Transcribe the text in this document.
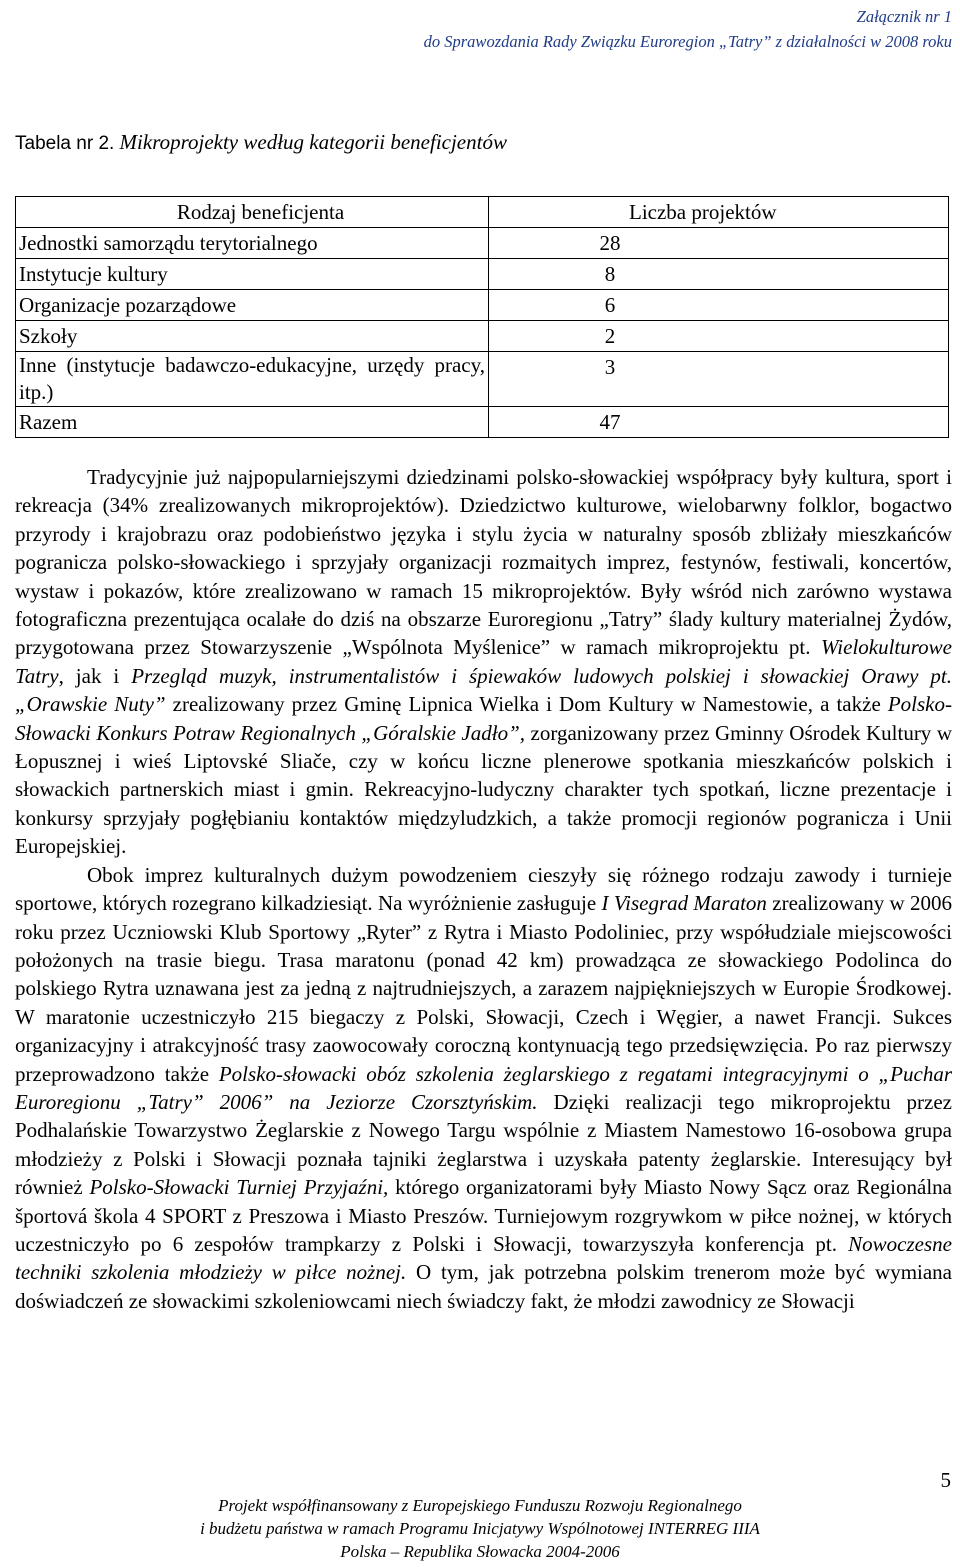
Załącznik nr 1
do Sprawozdania Rady Związku Euroregion „Tatry” z działalności w 2008 roku
Tabela nr 2. Mikroprojekty według kategorii beneficjentów
Rodzaj beneficjenta	Liczba projektów
Jednostki samorządu terytorialnego	28
Instytucje kultury	8
Organizacje pozarządowe	6
Szkoły	2
Inne (instytucje badawczo-edukacyjne, urzędy pracy, itp.)	3
Razem	47

Tradycyjnie już najpopularniejszymi dziedzinami polsko-słowackiej współpracy były kultura, sport i rekreacja (34% zrealizowanych mikroprojektów). Dziedzictwo kulturowe, wielobarwny folklor, bogactwo przyrody i krajobrazu oraz podobieństwo języka i stylu życia w naturalny sposób zbliżały mieszkańców pogranicza polsko-słowackiego i sprzyjały organizacji rozmaitych imprez, festynów, festiwali, koncertów, wystaw i pokazów, które zrealizowano w ramach 15 mikroprojektów. Były wśród nich zarówno wystawa fotograficzna prezentująca ocalałe do dziś na obszarze Euroregionu „Tatry” ślady kultury materialnej Żydów, przygotowana przez Stowarzyszenie „Wspólnota Myślenice” w ramach mikroprojektu pt. Wielokulturowe Tatry, jak i Przegląd muzyk, instrumentalistów i śpiewaków ludowych polskiej i słowackiej Orawy pt. „Orawskie Nuty” zrealizowany przez Gminę Lipnica Wielka i Dom Kultury w Namestowie, a także Polsko-Słowacki Konkurs Potraw Regionalnych „Góralskie Jadło”, zorganizowany przez Gminny Ośrodek Kultury w Łopusznej i wieś Liptovské Sliače, czy w końcu liczne plenerowe spotkania mieszkańców polskich i słowackich partnerskich miast i gmin. Rekreacyjno-ludyczny charakter tych spotkań, liczne prezentacje i konkursy sprzyjały pogłębianiu kontaktów międzyludzkich, a także promocji regionów pogranicza i Unii Europejskiej.

Obok imprez kulturalnych dużym powodzeniem cieszyły się różnego rodzaju zawody i turnieje sportowe, których rozegrano kilkadziesiąt. Na wyróżnienie zasługuje I Visegrad Maraton zrealizowany w 2006 roku przez Uczniowski Klub Sportowy „Ryter” z Rytra i Miasto Podoliniec, przy współudziale miejscowości położonych na trasie biegu. Trasa maratonu (ponad 42 km) prowadząca ze słowackiego Podolinca do polskiego Rytra uznawana jest za jedną z najtrudniejszych, a zarazem najpiękniejszych w Europie Środkowej. W maratonie uczestniczyło 215 biegaczy z Polski, Słowacji, Czech i Węgier, a nawet Francji. Sukces organizacyjny i atrakcyjność trasy zaowocowały coroczną kontynuacją tego przedsięwzięcia. Po raz pierwszy przeprowadzono także Polsko-słowacki obóz szkolenia żeglarskiego z regatami integracyjnymi o „Puchar Euroregionu „Tatry” 2006” na Jeziorze Czorsztyńskim. Dzięki realizacji tego mikroprojektu przez Podhalańskie Towarzystwo Żeglarskie z Nowego Targu wspólnie z Miastem Namestowo 16-osobowa grupa młodzieży z Polski i Słowacji poznała tajniki żeglarstwa i uzyskała patenty żeglarskie. Interesujący był również Polsko-Słowacki Turniej Przyjaźni, którego organizatorami były Miasto Nowy Sącz oraz Regionálna športová škola 4 SPORT z Preszowa i Miasto Preszów. Turniejowym rozgrywkom w piłce nożnej, w których uczestniczyło po 6 zespołów trampkarzy z Polski i Słowacji, towarzyszyła konferencja pt. Nowoczesne techniki szkolenia młodzieży w piłce nożnej. O tym, jak potrzebna polskim trenerom może być wymiana doświadczeń ze słowackimi szkoleniowcami niech świadczy fakt, że młodzi zawodnicy ze Słowacji

5
Projekt współfinansowany z Europejskiego Funduszu Rozwoju Regionalnego
i budżetu państwa w ramach Programu Inicjatywy Wspólnotowej INTERREG IIIA
Polska – Republika Słowacka 2004-2006
